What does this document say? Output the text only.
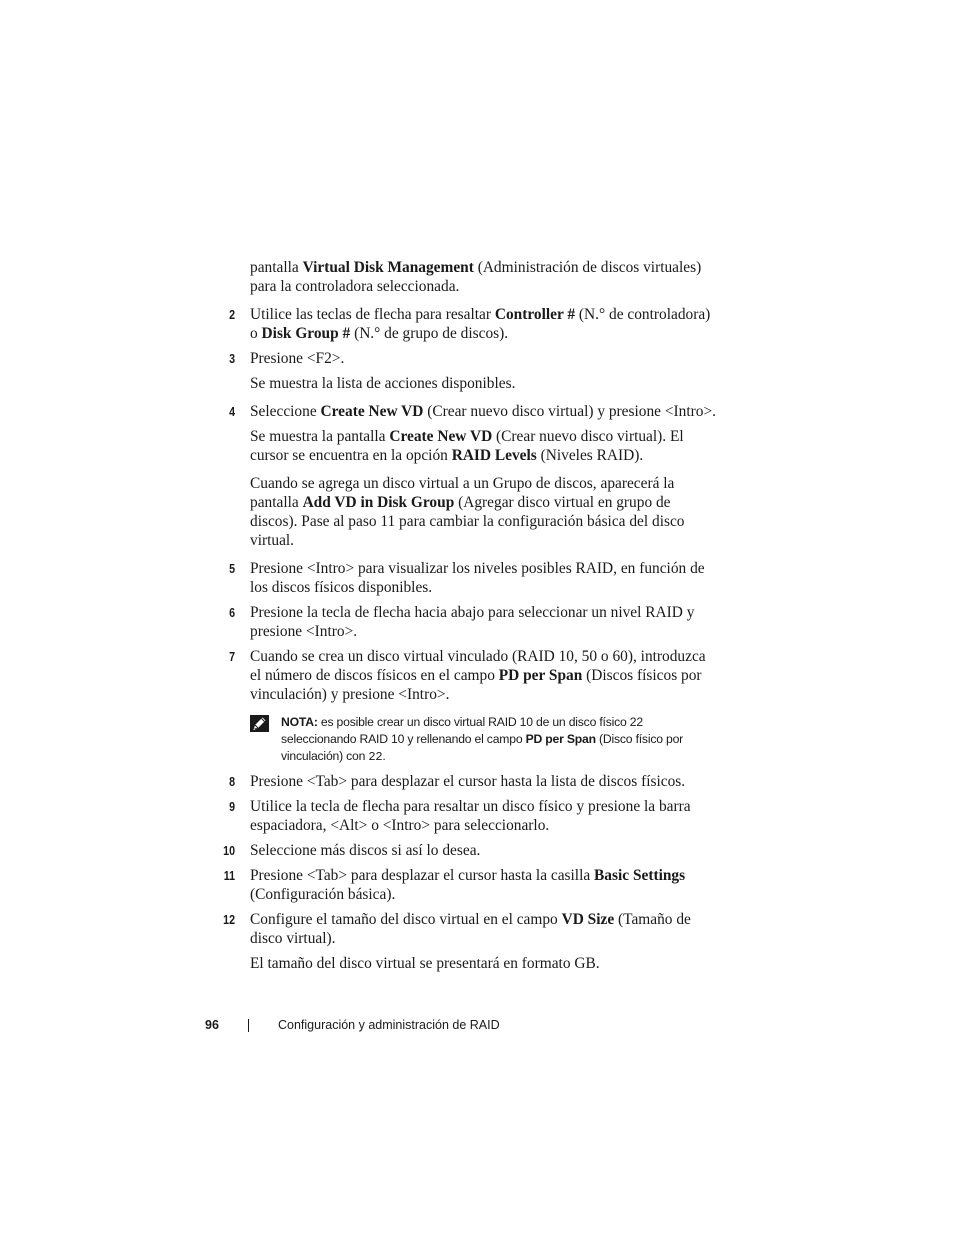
pantalla Virtual Disk Management (Administración de discos virtuales) para la controladora seleccionada.

2 Utilice las teclas de flecha para resaltar Controller # (N.° de controladora) o Disk Group # (N.° de grupo de discos).

3 Presione <F2>.

Se muestra la lista de acciones disponibles.

4 Seleccione Create New VD (Crear nuevo disco virtual) y presione <Intro>.

Se muestra la pantalla Create New VD (Crear nuevo disco virtual). El cursor se encuentra en la opción RAID Levels (Niveles RAID).

Cuando se agrega un disco virtual a un Grupo de discos, aparecerá la pantalla Add VD in Disk Group (Agregar disco virtual en grupo de discos). Pase al paso 11 para cambiar la configuración básica del disco virtual.

5 Presione <Intro> para visualizar los niveles posibles RAID, en función de los discos físicos disponibles.

6 Presione la tecla de flecha hacia abajo para seleccionar un nivel RAID y presione <Intro>.

7 Cuando se crea un disco virtual vinculado (RAID 10, 50 o 60), introduzca el número de discos físicos en el campo PD per Span (Discos físicos por vinculación) y presione <Intro>.

NOTA: es posible crear un disco virtual RAID 10 de un disco físico 22 seleccionando RAID 10 y rellenando el campo PD per Span (Disco físico por vinculación) con 22.
8 Presione <Tab> para desplazar el cursor hasta la lista de discos físicos.

9 Utilice la tecla de flecha para resaltar un disco físico y presione la barra espaciadora, <Alt> o <Intro> para seleccionarlo.

10 Seleccione más discos si así lo desea.

11 Presione <Tab> para desplazar el cursor hasta la casilla Basic Settings (Configuración básica).

12 Configure el tamaño del disco virtual en el campo VD Size (Tamaño de disco virtual).

El tamaño del disco virtual se presentará en formato GB.

96	Configuración y administración de RAID
